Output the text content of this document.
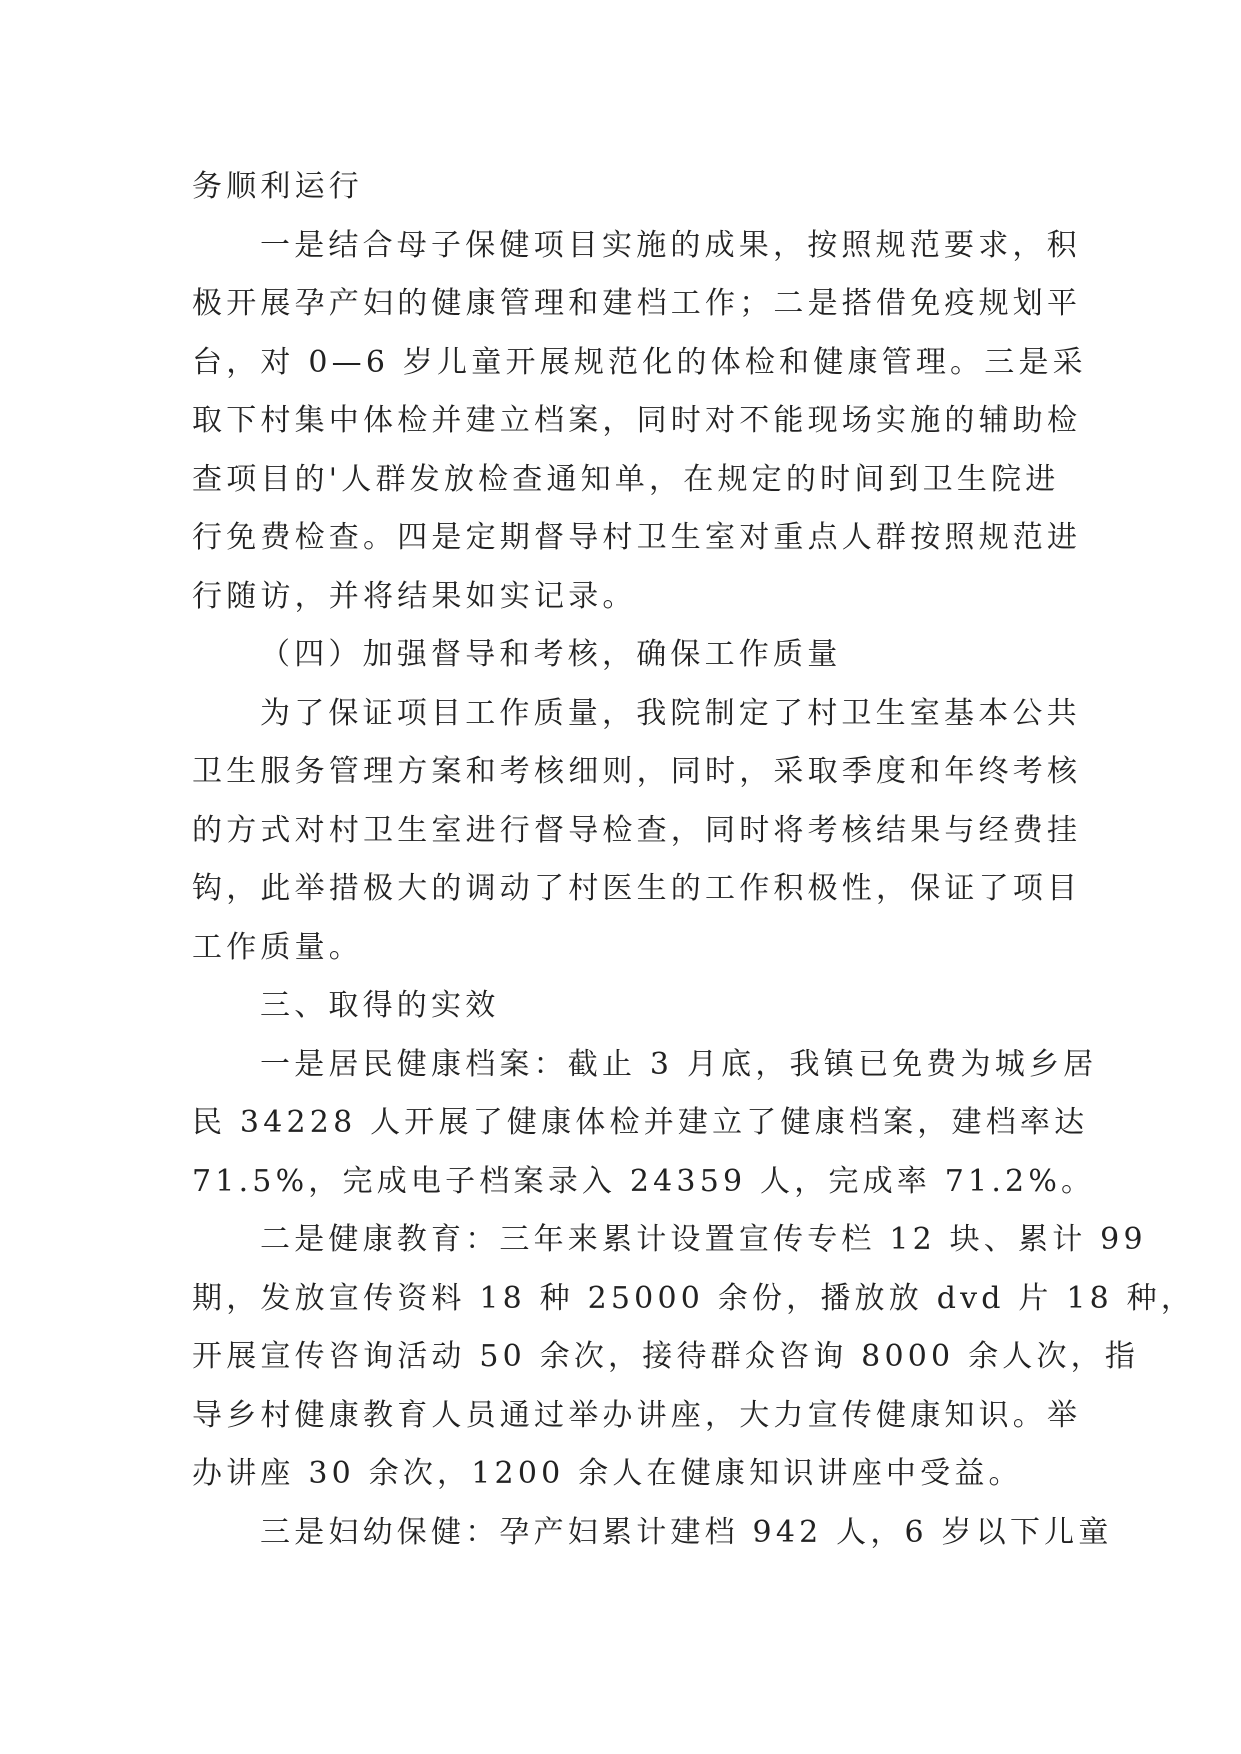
务顺利运行
一是结合母子保健项目实施的成果，按照规范要求，积
极开展孕产妇的健康管理和建档工作；二是搭借免疫规划平
台，对 0—6 岁儿童开展规范化的体检和健康管理。三是采
取下村集中体检并建立档案，同时对不能现场实施的辅助检
查项目的'人群发放检查通知单，在规定的时间到卫生院进
行免费检查。四是定期督导村卫生室对重点人群按照规范进
行随访，并将结果如实记录。
（四）加强督导和考核，确保工作质量
为了保证项目工作质量，我院制定了村卫生室基本公共
卫生服务管理方案和考核细则，同时，采取季度和年终考核
的方式对村卫生室进行督导检查，同时将考核结果与经费挂
钩，此举措极大的调动了村医生的工作积极性，保证了项目
工作质量。
三、取得的实效
一是居民健康档案：截止 3 月底，我镇已免费为城乡居
民 34228 人开展了健康体检并建立了健康档案，建档率达
71.5%，完成电子档案录入 24359 人，完成率 71.2%。
二是健康教育：三年来累计设置宣传专栏 12 块、累计 99
期，发放宣传资料 18 种 25000 余份，播放放 dvd 片 18 种，
开展宣传咨询活动 50 余次，接待群众咨询 8000 余人次，指
导乡村健康教育人员通过举办讲座，大力宣传健康知识。举
办讲座 30 余次，1200 余人在健康知识讲座中受益。
三是妇幼保健：孕产妇累计建档 942 人，6 岁以下儿童
